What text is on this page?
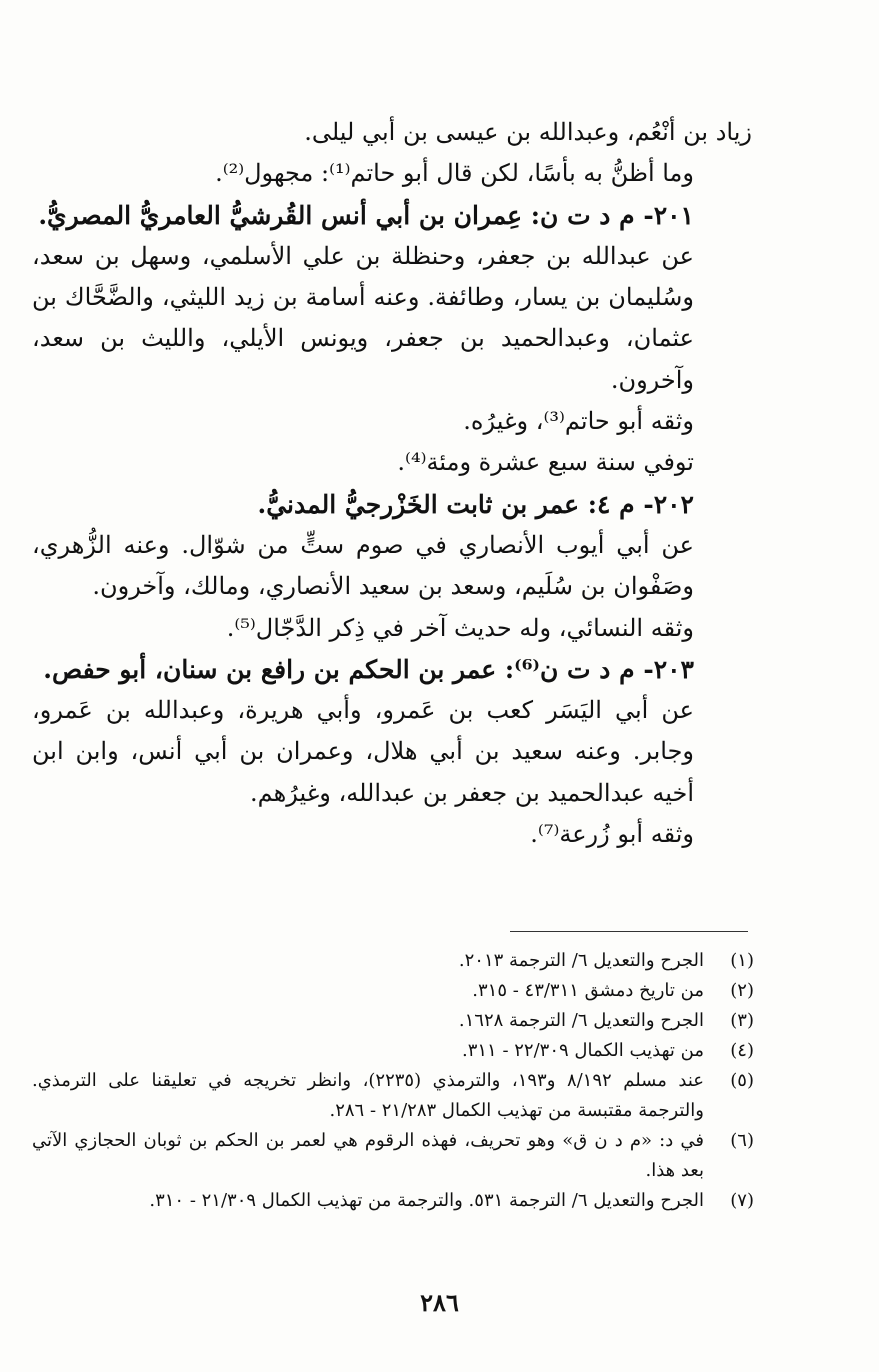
زياد بن أنْعُم، وعبدالله بن عيسى بن أبي ليلى.

وما أظنُّ به بأسًا، لكن قال أبو حاتم⁽¹⁾: مجهول⁽²⁾.

٢٠١- م د ت ن: عِمران بن أبي أنس القُرشيُّ العامريُّ المصريُّ.

عن عبدالله بن جعفر، وحنظلة بن علي الأسلمي، وسهل بن سعد، وسُليمان بن يسار، وطائفة. وعنه أسامة بن زيد الليثي، والضَّحَّاك بن عثمان، وعبدالحميد بن جعفر، ويونس الأيلي، والليث بن سعد، وآخرون.

وثقه أبو حاتم⁽³⁾، وغيرُه.

توفي سنة سبع عشرة ومئة⁽⁴⁾.

٢٠٢- م ٤: عمر بن ثابت الخَزْرجيُّ المدنيُّ.

عن أبي أيوب الأنصاري في صوم ستٍّ من شوّال. وعنه الزُّهري، وصَفْوان بن سُلَيم، وسعد بن سعيد الأنصاري، ومالك، وآخرون.

وثقه النسائي، وله حديث آخر في ذِكر الدَّجّال⁽⁵⁾.

٢٠٣- م د ت ن⁽⁶⁾: عمر بن الحكم بن رافع بن سنان، أبو حفص.

عن أبي اليَسَر كعب بن عَمرو، وأبي هريرة، وعبدالله بن عَمرو، وجابر. وعنه سعيد بن أبي هلال، وعمران بن أبي أنس، وابن ابن أخيه عبدالحميد بن جعفر بن عبدالله، وغيرُهم.

وثقه أبو زُرعة⁽⁷⁾.

(١)
الجرح والتعديل ٦/ الترجمة ٢٠١٣.
(٢)
من تاريخ دمشق ٤٣/٣١١ - ٣١٥.
(٣)
الجرح والتعديل ٦/ الترجمة ١٦٢٨.
(٤)
من تهذيب الكمال ٢٢/٣٠٩ - ٣١١.
(٥)
عند مسلم ٨/١٩٢ و١٩٣، والترمذي (٢٢٣٥)، وانظر تخريجه في تعليقنا على الترمذي. والترجمة مقتبسة من تهذيب الكمال ٢١/٢٨٣ - ٢٨٦.
(٦)
في د: «م د ن ق» وهو تحريف، فهذه الرقوم هي لعمر بن الحكم بن ثوبان الحجازي الآتي بعد هذا.
(٧)
الجرح والتعديل ٦/ الترجمة ٥٣١. والترجمة من تهذيب الكمال ٢١/٣٠٩ - ٣١٠.
٢٨٦
